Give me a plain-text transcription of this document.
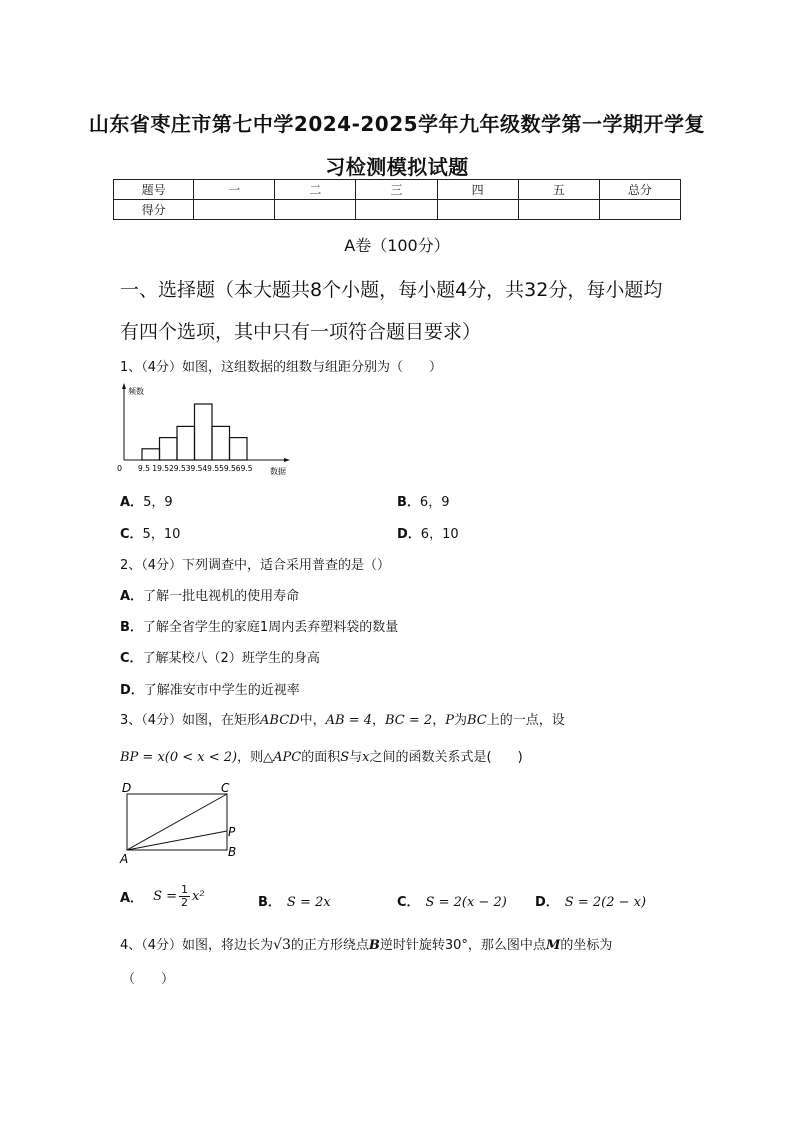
山东省枣庄市第七中学2024-2025学年九年级数学第一学期开学复
习检测模拟试题
题号	一	二	三	四	五	总分
得分						
A卷（100分）
一、选择题（本大题共8个小题，每小题4分，共32分，每小题均
有四个选项，其中只有一项符合题目要求）
1、（4分）如图，这组数据的组数与组距分别为（　　）
频数
0 9.5 19.529.539.549.559.569.5 数据
A．5，9	B．6，9
C．5，10	D．6，10
2、（4分）下列调查中，适合采用普查的是（）
A．了解一批电视机的使用寿命
B．了解全省学生的家庭1周内丢弃塑料袋的数量
C．了解某校八（2）班学生的身高
D．了解准安市中学生的近视率
3、（4分）如图，在矩形ABCD中，AB = 4，BC = 2，P为BC上的一点，设
BP = x(0 < x < 2)，则△APC的面积S与x之间的函数关系式是(　　)
D	C
P
A	B
A． $S = \frac{1}{2} x^2$	B． S = 2x	C． S = 2(x − 2) D． S = 2(2 − x)
4、（4分）如图，将边长为√3的正方形绕点B逆时针旋转30°，那么图中点M的坐标为
（　　）
